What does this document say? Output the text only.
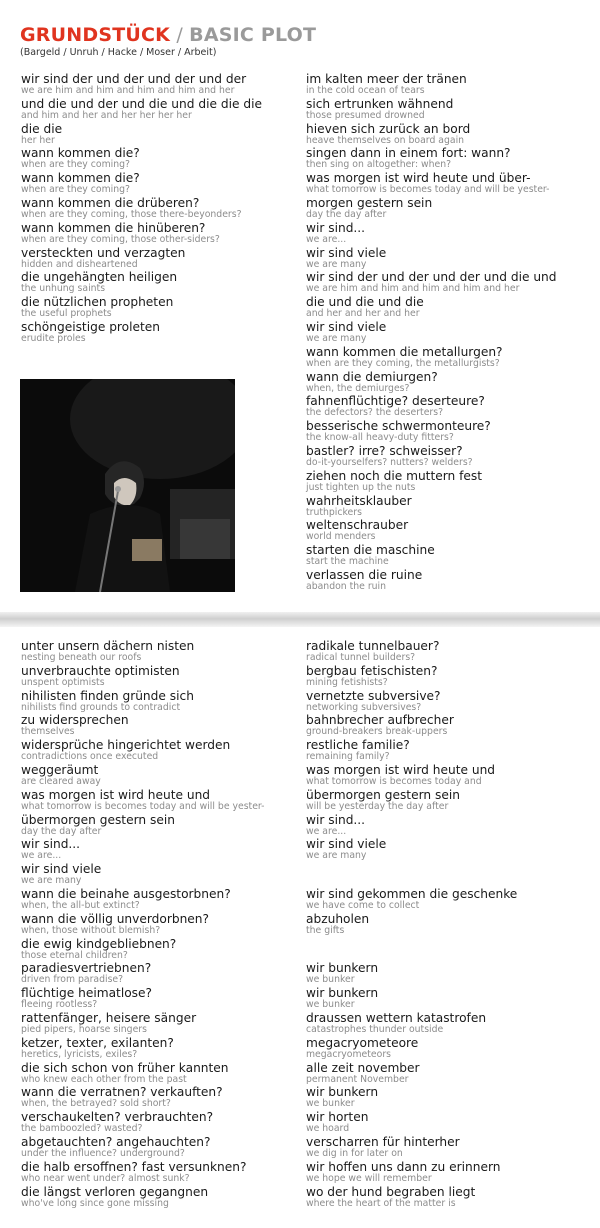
GRUNDSTÜCK / BASIC PLOT
(Bargeld / Unruh / Hacke / Moser / Arbeit)
wir sind der und der und der und der
we are him and him and him and him and her
und die und der und die und die die die
and him and her and her her her her
die die
her her
wann kommen die?
when are they coming?
wann kommen die?
when are they coming?
wann kommen die drüberen?
when are they coming, those there-beyonders?
wann kommen die hinüberen?
when are they coming, those other-siders?
versteckten und verzagten
hidden and disheartened
die ungehängten heiligen
the unhung saints
die nützlichen propheten
the useful prophets
schöngeistige proleten
erudite proles
im kalten meer der tränen
in the cold ocean of tears
sich ertrunken wähnend
those presumed drowned
hieven sich zurück an bord
heave themselves on board again
singen dann in einem fort: wann?
then sing on altogether: when?
was morgen ist wird heute und über-
what tomorrow is becomes today and will be yester-
morgen gestern sein
day the day after
wir sind...
we are...
wir sind viele
we are many
wir sind der und der und der und die und
we are him and him and him and him and her
die und die und die
and her and her and her
wir sind viele
we are many
wann kommen die metallurgen?
when are they coming, the metallurgists?
wann die demiurgen?
when, the demiurges?
fahnenflüchtige? deserteure?
the defectors? the deserters?
besserische schwermonteure?
the know-all heavy-duty fitters?
bastler? irre? schweisser?
do-it-yourselfers? nutters? welders?
ziehen noch die muttern fest
just tighten up the nuts
wahrheitsklauber
truthpickers
weltenschrauber
world menders
starten die maschine
start the machine
verlassen die ruine
abandon the ruin
unter unsern dächern nisten
nesting beneath our roofs
unverbrauchte optimisten
unspent optimists
nihilisten finden gründe sich
nihilists find grounds to contradict
zu widersprechen
themselves
widersprüche hingerichtet werden
contradictions once executed
weggeräumt
are cleared away
was morgen ist wird heute und
what tomorrow is becomes today and will be yester-
übermorgen gestern sein
day the day after
wir sind...
we are...
wir sind viele
we are many
wann die beinahe ausgestorbnen?
when, the all-but extinct?
wann die völlig unverdorbnen?
when, those without blemish?
die ewig kindgebliebnen?
those eternal children?
paradiesvertriebnen?
driven from paradise?
flüchtige heimatlose?
fleeing rootless?
rattenfänger, heisere sänger
pied pipers, hoarse singers
ketzer, texter, exilanten?
heretics, lyricists, exiles?
die sich schon von früher kannten
who knew each other from the past
wann die verratnen? verkauften?
when, the betrayed? sold short?
verschaukelten? verbrauchten?
the bamboozled? wasted?
abgetauchten? angehauchten?
under the influence? underground?
die halb ersoffnen? fast versunknen?
who near went under? almost sunk?
die längst verloren gegangnen
who've long since gone missing
radikale tunnelbauer?
radical tunnel builders?
bergbau fetischisten?
mining fetishists?
vernetzte subversive?
networking subversives?
bahnbrecher aufbrecher
ground-breakers break-uppers
restliche familie?
remaining family?
was morgen ist wird heute und
what tomorrow is becomes today and
übermorgen gestern sein
will be yesterday the day after
wir sind...
we are...
wir sind viele
we are many
wir sind gekommen die geschenke
we have come to collect
abzuholen
the gifts
wir bunkern
we bunker
wir bunkern
we bunker
draussen wettern katastrofen
catastrophes thunder outside
megacryometeore
megacryometeors
alle zeit november
permanent November
wir bunkern
we bunker
wir horten
we hoard
verscharren für hinterher
we dig in for later on
wir hoffen uns dann zu erinnern
we hope we will remember
wo der hund begraben liegt
where the heart of the matter is
